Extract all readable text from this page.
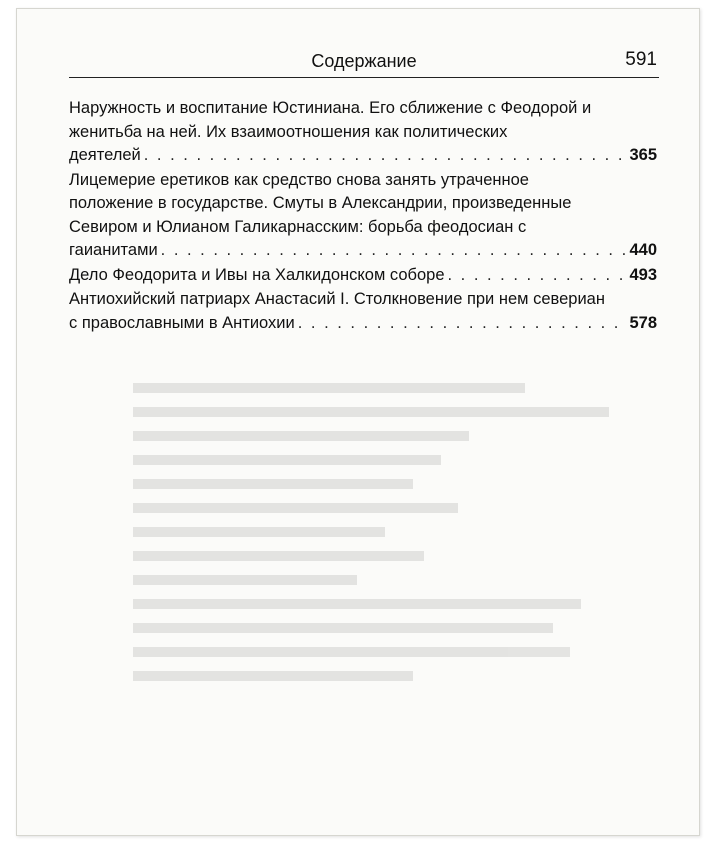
Содержание	591
Наружность и воспитание Юстиниана. Его сближение с Феодорой и
женитьба на ней. Их взаимоотношения как политических
деятелей . . .	365
Лицемерие еретиков как средство снова занять утраченное
положение в государстве. Смуты в Александрии, произведенные
Севиром и Юлианом Галикарнасским: борьба феодосиан с
гаианитами . . .	440
Дело Феодорита и Ивы на Халкидонском соборе . . .	493
Антиохийский патриарх Анастасий I. Столкновение при нем севериан
с православными в Антиохии . . .	578
